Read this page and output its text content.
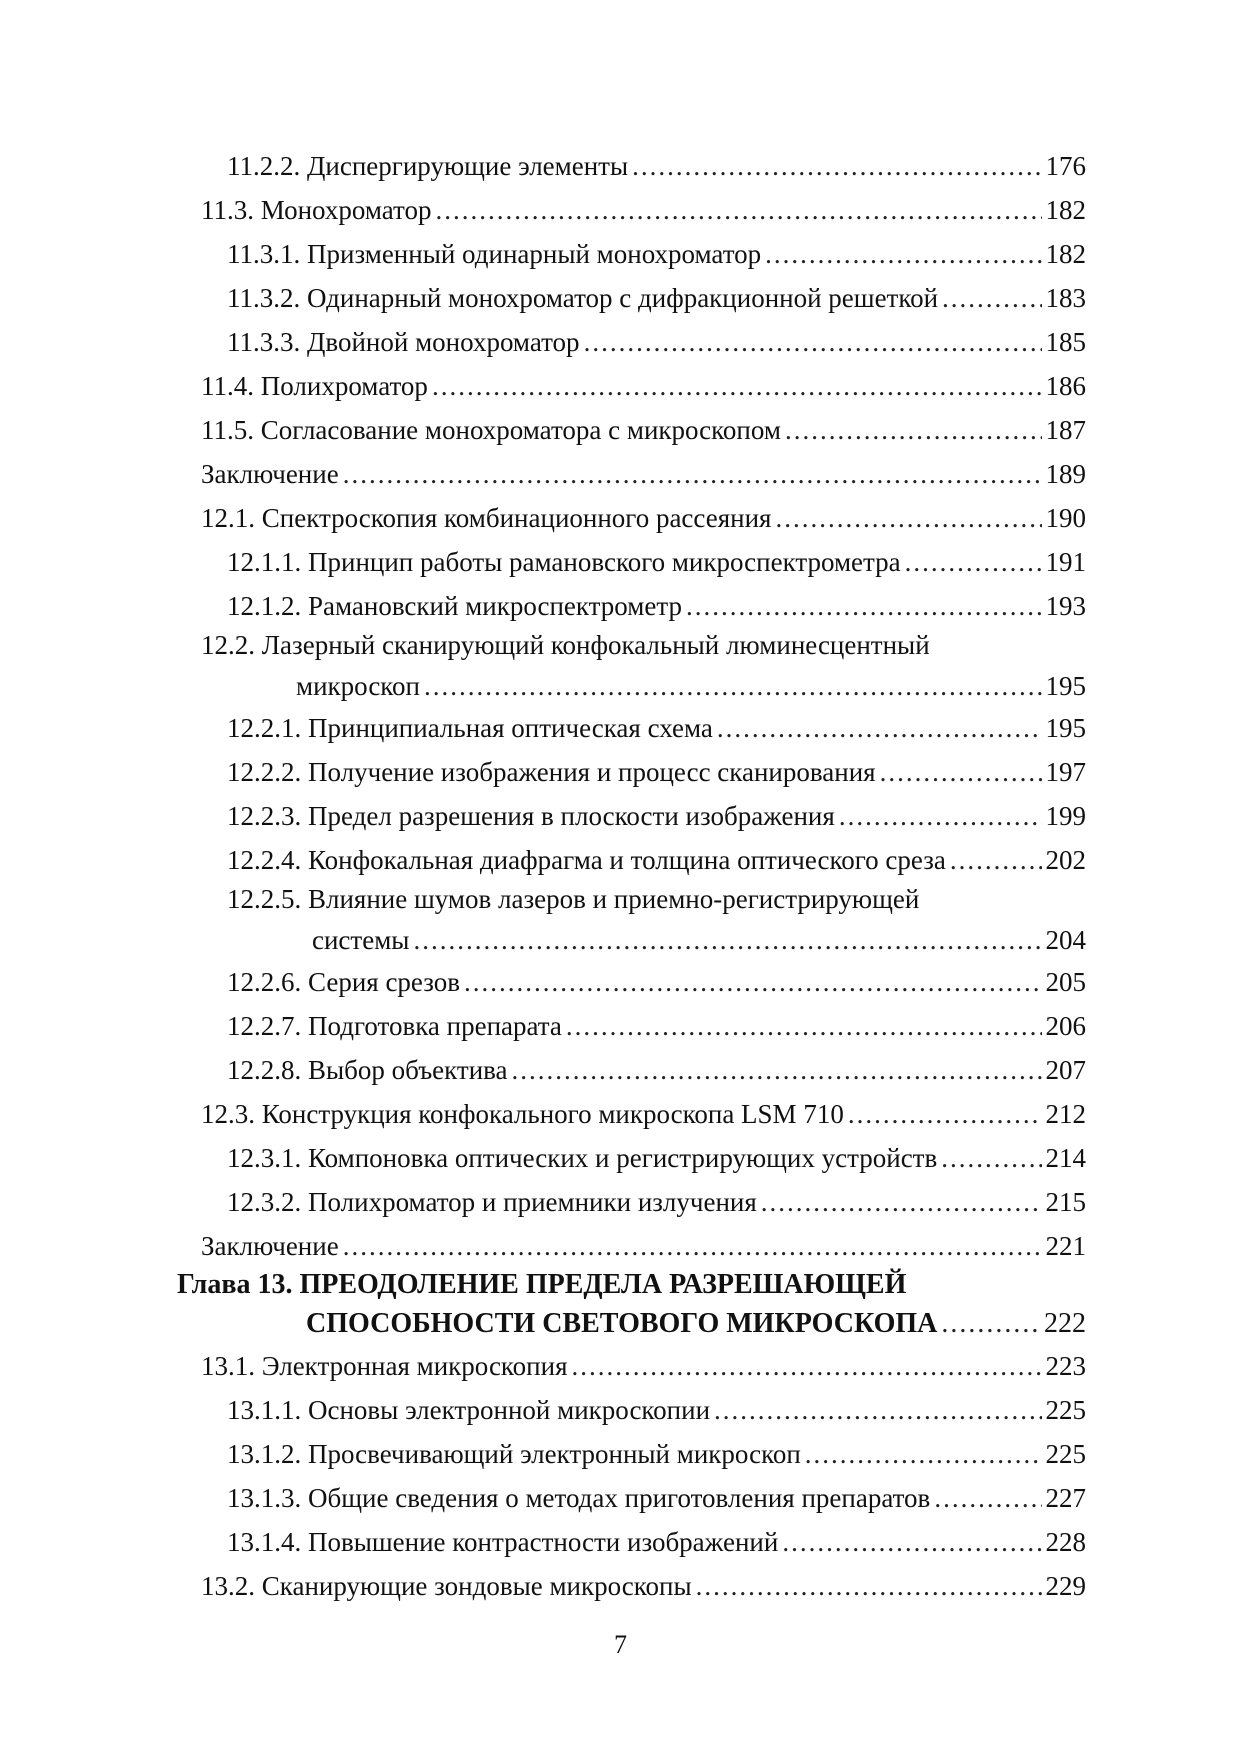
11.2.2. Диспергирующие элементы .....	176
11.3. Монохроматор .....	182
11.3.1. Призменный одинарный монохроматор .....	182
11.3.2. Одинарный монохроматор с дифракционной решеткой .....	183
11.3.3. Двойной монохроматор .....	185
11.4. Полихроматор .....	186
11.5. Согласование монохроматора с микроскопом .....	187
Заключение .....	189
12.1. Спектроскопия комбинационного рассеяния .....	190
12.1.1. Принцип работы рамановского микроспектрометра .....	191
12.1.2. Рамановский микроспектрометр .....	193
12.2. Лазерный сканирующий конфокальный люминесцентный
микроскоп .....	195
12.2.1. Принципиальная оптическая схема .....	195
12.2.2. Получение изображения и процесс сканирования .....	197
12.2.3. Предел разрешения в плоскости изображения .....	199
12.2.4. Конфокальная диафрагма и толщина оптического среза .....	202
12.2.5. Влияние шумов лазеров и приемно-регистрирующей
системы .....	204
12.2.6. Серия срезов .....	205
12.2.7. Подготовка препарата .....	206
12.2.8. Выбор объектива .....	207
12.3. Конструкция конфокального микроскопа LSM 710 .....	212
12.3.1. Компоновка оптических и регистрирующих устройств .....	214
12.3.2. Полихроматор и приемники излучения .....	215
Заключение .....	221
Глава 13. ПРЕОДОЛЕНИЕ ПРЕДЕЛА РАЗРЕШАЮЩЕЙ
СПОСОБНОСТИ СВЕТОВОГО МИКРОСКОПА .....	222
13.1. Электронная микроскопия .....	223
13.1.1. Основы электронной микроскопии .....	225
13.1.2. Просвечивающий электронный микроскоп .....	225
13.1.3. Общие сведения о методах приготовления препаратов .....	227
13.1.4. Повышение контрастности изображений .....	228
13.2. Сканирующие зондовые микроскопы .....	229
7
